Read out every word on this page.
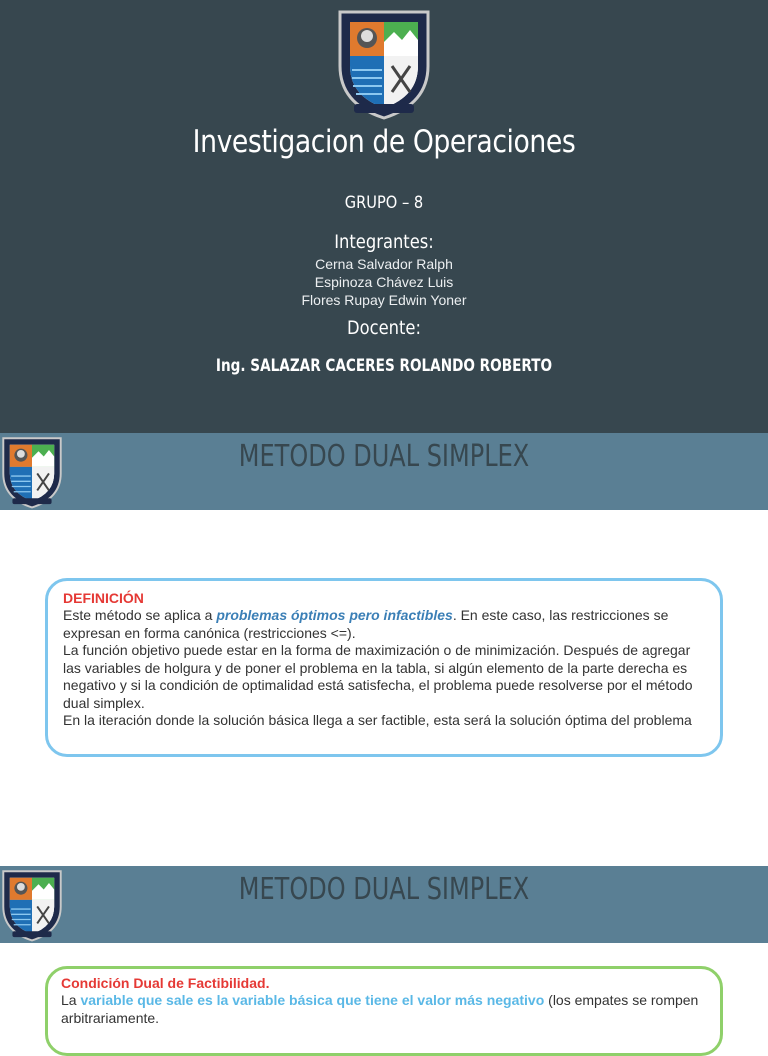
Investigacion de Operaciones
GRUPO – 8
Integrantes:
Cerna Salvador Ralph
Espinoza Chávez Luis
Flores Rupay Edwin Yoner
Docente:
Ing. SALAZAR CACERES ROLANDO ROBERTO
METODO DUAL SIMPLEX
DEFINICIÓN
Este método se aplica a problemas óptimos pero infactibles. En este caso, las restricciones se expresan en forma canónica (restricciones <=).
La función objetivo puede estar en la forma de maximización o de minimización. Después de agregar las variables de holgura y de poner el problema en la tabla, si algún elemento de la parte derecha es negativo y si la condición de optimalidad está satisfecha, el problema puede resolverse por el método dual simplex.
En la iteración donde la solución básica llega a ser factible, esta será la solución óptima del problema
METODO DUAL SIMPLEX
Condición Dual de Factibilidad.
La variable que sale es la variable básica que tiene el valor más negativo (los empates se rompen arbitrariamente.
